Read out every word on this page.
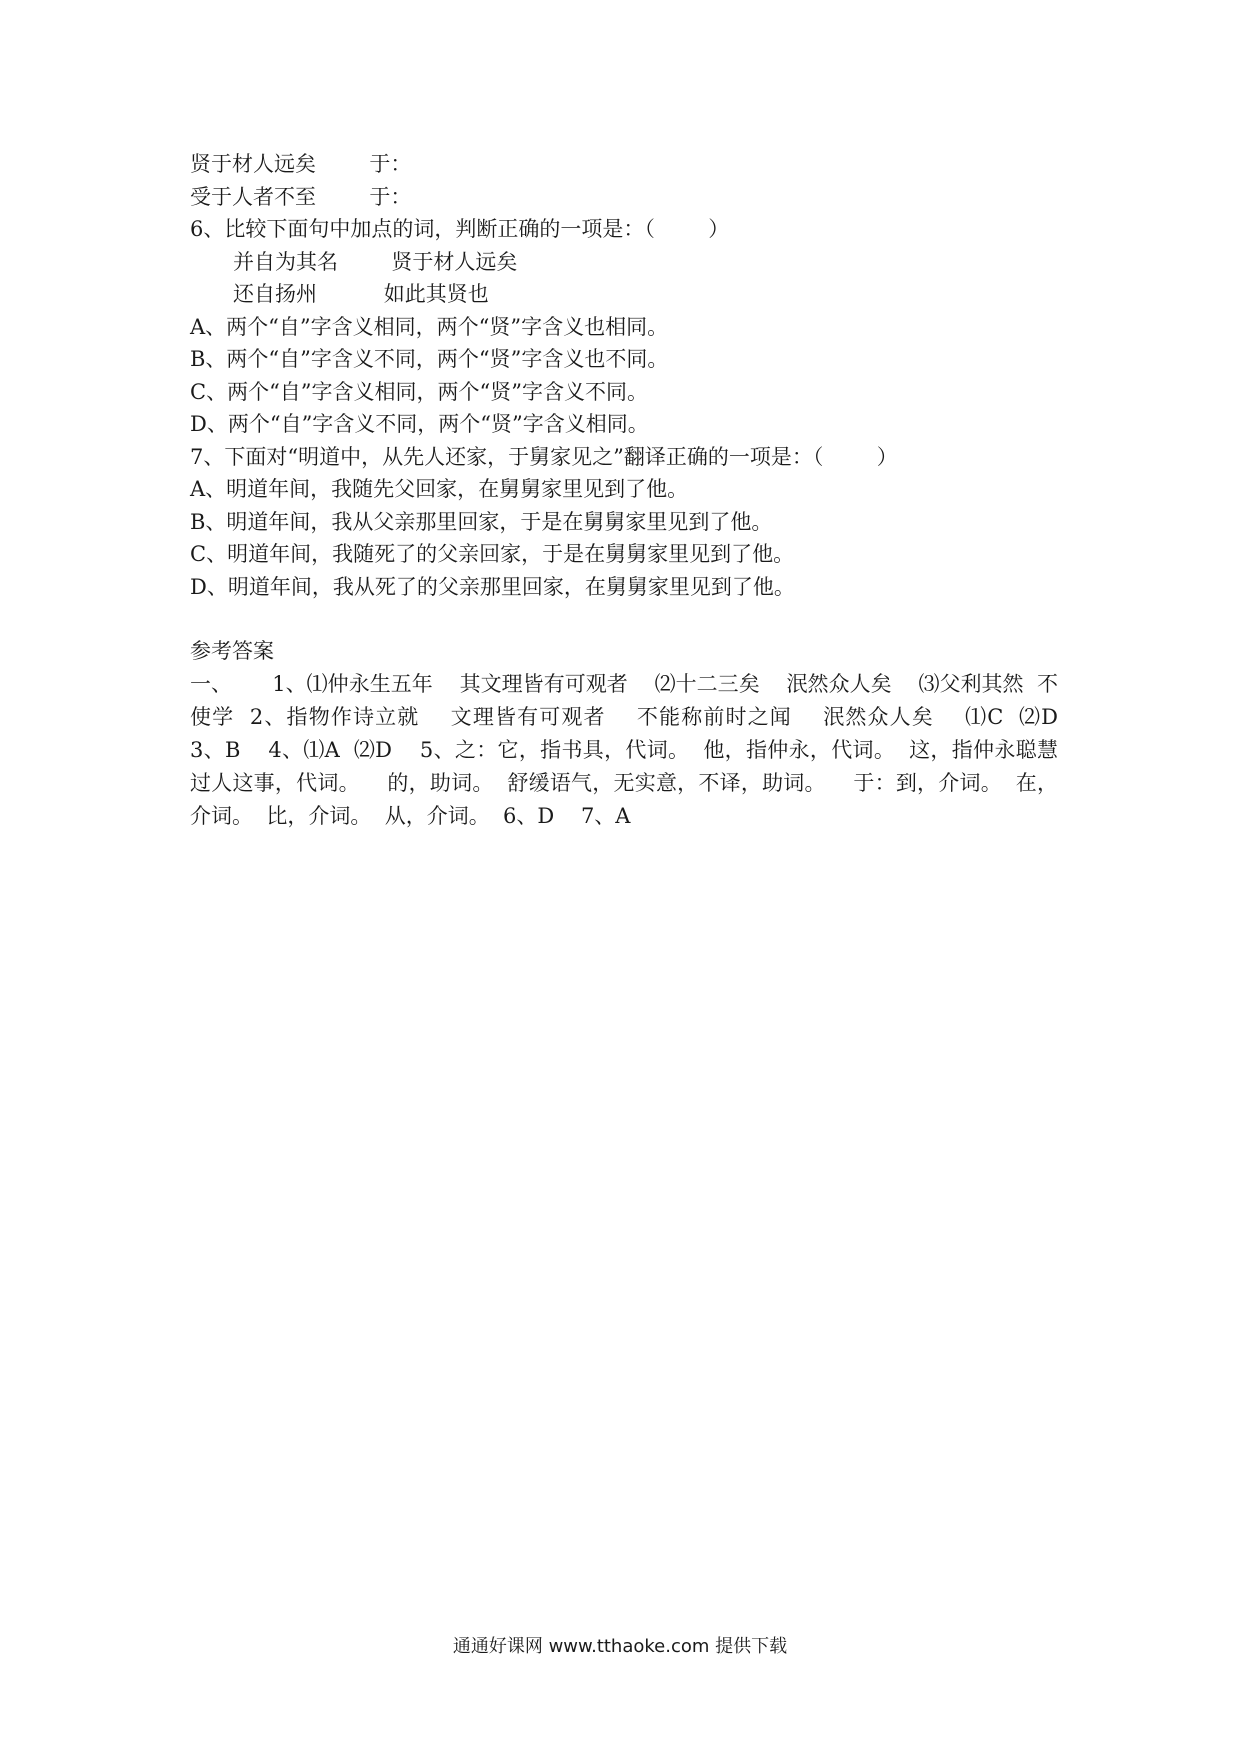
贤于材人远矣        于：

受于人者不至        于：

6、比较下面句中加点的词，判断正确的一项是：（        ）

并自为其名        贤于材人远矣

还自扬州          如此其贤也

A、两个“自”字含义相同，两个“贤”字含义也相同。

B、两个“自”字含义不同，两个“贤”字含义也不同。

C、两个“自”字含义相同，两个“贤”字含义不同。

D、两个“自”字含义不同，两个“贤”字含义相同。

7、下面对“明道中，从先人还家，于舅家见之”翻译正确的一项是：（        ）

A、明道年间，我随先父回家，在舅舅家里见到了他。

B、明道年间，我从父亲那里回家，于是在舅舅家里见到了他。

C、明道年间，我随死了的父亲回家，于是在舅舅家里见到了他。

D、明道年间，我从死了的父亲那里回家，在舅舅家里见到了他。

参考答案

一、      1、⑴仲永生五年    其文理皆有可观者    ⑵十二三矣    泯然众人矣    ⑶父利其然  不使学  2、指物作诗立就    文理皆有可观者    不能称前时之闻    泯然众人矣    ⑴C  ⑵D    3、B    4、⑴A  ⑵D    5、之：它，指书具，代词。  他，指仲永，代词。  这，指仲永聪慧过人这事，代词。    的，助词。  舒缓语气，无实意，不译，助词。    于：到，介词。  在，介词。  比，介词。  从，介词。  6、D    7、A

通通好课网 www.tthaoke.com 提供下载
